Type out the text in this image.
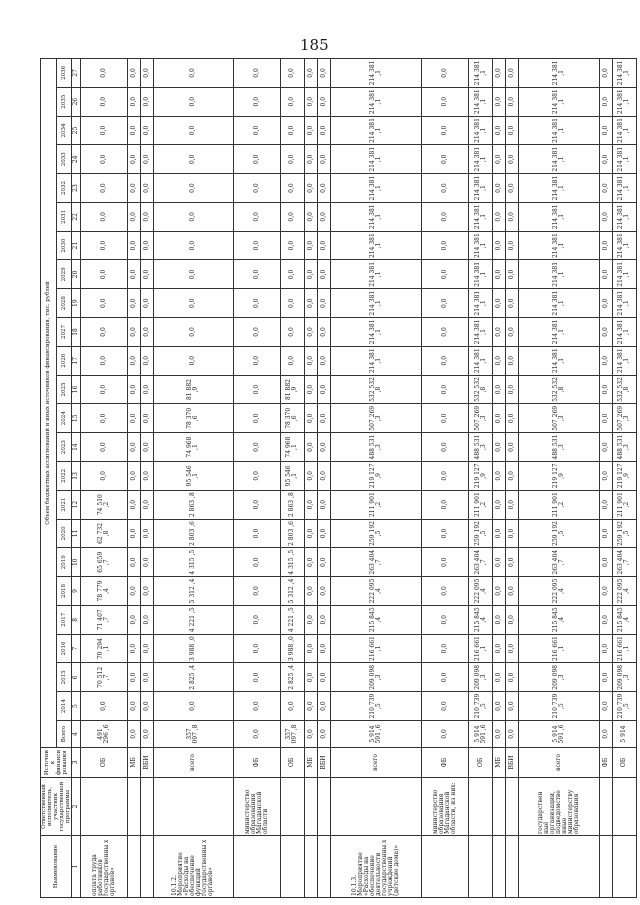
185
Наименование	Ответственный исполнитель, участник государственной программы	Источник финансирования	Объем бюджетных ассигнований и иных источников финансирования, тыс. рублей																							
			Всего	2014	2015	2016	2017	2018	2019	2020	2021	2022	2023	2024	2025	2026	2027	2028	2029	2030	2031	2032	2033	2034	2035	2036
1	2	3	4	5	6	7	8	9	10	11	12	13	14	15	16	17	18	19	20	21	22	23	24	25	26	27
оплата труда работников государственны х органов»		ОБ	491 296 ,6	0,0	70 512 ,7	70 294 ,1	71 407 ,7	78 779 ,4	65 659 ,7	62 732 ,8	74 510 ,2	0,0	0,0	0,0	0,0	0,0	0,0	0,0	0,0	0,0	0,0	0,0	0,0	0,0	0,0	0,0
		МБ	0,0	0,0	0,0	0,0	0,0	0,0	0,0	0,0	0,0	0,0	0,0	0,0	0,0	0,0	0,0	0,0	0,0	0,0	0,0	0,0	0,0	0,0	0,0	0,0
		ВБИ	0,0	0,0	0,0	0,0	0,0	0,0	0,0	0,0	0,0	0,0	0,0	0,0	0,0	0,0	0,0	0,0	0,0	0,0	0,0	0,0	0,0	0,0	0,0	0,0
10.1.2. Мероприятие «Расходы на обеспечение функций государственны х органов»		всего	357 097 ,8	0,0	2 825 ,4	3 988 ,0	4 221 ,5	5 312 ,4	4 315 ,5	2 803 ,6	2 863 ,8	95 546 ,1	74 968 ,1	78 370 ,6	81 882 ,9	0,0	0,0	0,0	0,0	0,0	0,0	0,0	0,0	0,0	0,0	0,0
	министерство образования Магаданской области	ФБ	0,0	0,0	0,0	0,0	0,0	0,0	0,0	0,0	0,0	0,0	0,0	0,0	0,0	0,0	0,0	0,0	0,0	0,0	0,0	0,0	0,0	0,0	0,0	0,0
		ОБ	357 097 ,8	0,0	2 825 ,4	3 988 ,0	4 221 ,5	5 312 ,4	4 315 ,5	2 803 ,6	2 863 ,8	95 546 ,1	74 968 ,1	78 370 ,6	81 882 ,9	0,0	0,0	0,0	0,0	0,0	0,0	0,0	0,0	0,0	0,0	0,0
		МБ	0,0	0,0	0,0	0,0	0,0	0,0	0,0	0,0	0,0	0,0	0,0	0,0	0,0	0,0	0,0	0,0	0,0	0,0	0,0	0,0	0,0	0,0	0,0	0,0
		ВБИ	0,0	0,0	0,0	0,0	0,0	0,0	0,0	0,0	0,0	0,0	0,0	0,0	0,0	0,0	0,0	0,0	0,0	0,0	0,0	0,0	0,0	0,0	0,0	0,0
10.1.3. Мероприятие «Расходы на обеспечение деятельности государственны х учреждений (детские дома)»		всего	5 914 591 ,6	210 739 ,5	209 098 ,3	216 661 ,1	215 845 ,4	222 095 ,4	263 404 ,7	259 192 ,5	211 901 ,2	219 127 ,9	488 531 ,3	507 269 ,3	532 532 ,8	214 381 ,1	214 381 ,1	214 381 ,1	214 381 ,1	214 381 ,1	214 381 ,1	214 381 ,1	214 381 ,1	214 381 ,1	214 381 ,1	214 381 ,1
	министерство образования Магаданской области, из них:	ФБ	0,0	0,0	0,0	0,0	0,0	0,0	0,0	0,0	0,0	0,0	0,0	0,0	0,0	0,0	0,0	0,0	0,0	0,0	0,0	0,0	0,0	0,0	0,0	0,0
		ОБ	5 914 591 ,6	210 739 ,5	209 098 ,3	216 661 ,1	215 845 ,4	222 095 ,4	263 404 ,7	259 192 ,5	211 901 ,2	219 127 ,9	488 531 ,3	507 269 ,3	532 532 ,8	214 381 ,1	214 381 ,1	214 381 ,1	214 381 ,1	214 381 ,1	214 381 ,1	214 381 ,1	214 381 ,1	214 381 ,1	214 381 ,1	214 381 ,1
		МБ	0,0	0,0	0,0	0,0	0,0	0,0	0,0	0,0	0,0	0,0	0,0	0,0	0,0	0,0	0,0	0,0	0,0	0,0	0,0	0,0	0,0	0,0	0,0	0,0
		ВБИ	0,0	0,0	0,0	0,0	0,0	0,0	0,0	0,0	0,0	0,0	0,0	0,0	0,0	0,0	0,0	0,0	0,0	0,0	0,0	0,0	0,0	0,0	0,0	0,0
	государствен ные организации, подведомстве нные министерству образования	всего	5 914 591 ,6	210 739 ,5	209 098 ,3	216 661 ,1	215 845 ,4	222 095 ,4	263 404 ,7	259 192 ,5	211 901 ,2	219 127 ,9	488 531 ,3	507 269 ,3	532 532 ,8	214 381 ,1	214 381 ,1	214 381 ,1	214 381 ,1	214 381 ,1	214 381 ,1	214 381 ,1	214 381 ,1	214 381 ,1	214 381 ,1	214 381 ,1
		ФБ	0,0	0,0	0,0	0,0	0,0	0,0	0,0	0,0	0,0	0,0	0,0	0,0	0,0	0,0	0,0	0,0	0,0	0,0	0,0	0,0	0,0	0,0	0,0	0,0
		ОБ	5 914	210 739 ,5	209 098 ,3	216 661 ,1	215 845 ,4	222 095 ,4	263 404 ,7	259 192 ,5	211 901 ,2	219 127 ,9	488 531 ,3	507 269 ,3	532 532 ,8	214 381 ,1	214 381 ,1	214 381 ,1	214 381 ,1	214 381 ,1	214 381 ,1	214 381 ,1	214 381 ,1	214 381 ,1	214 381 ,1	214 381 ,1
